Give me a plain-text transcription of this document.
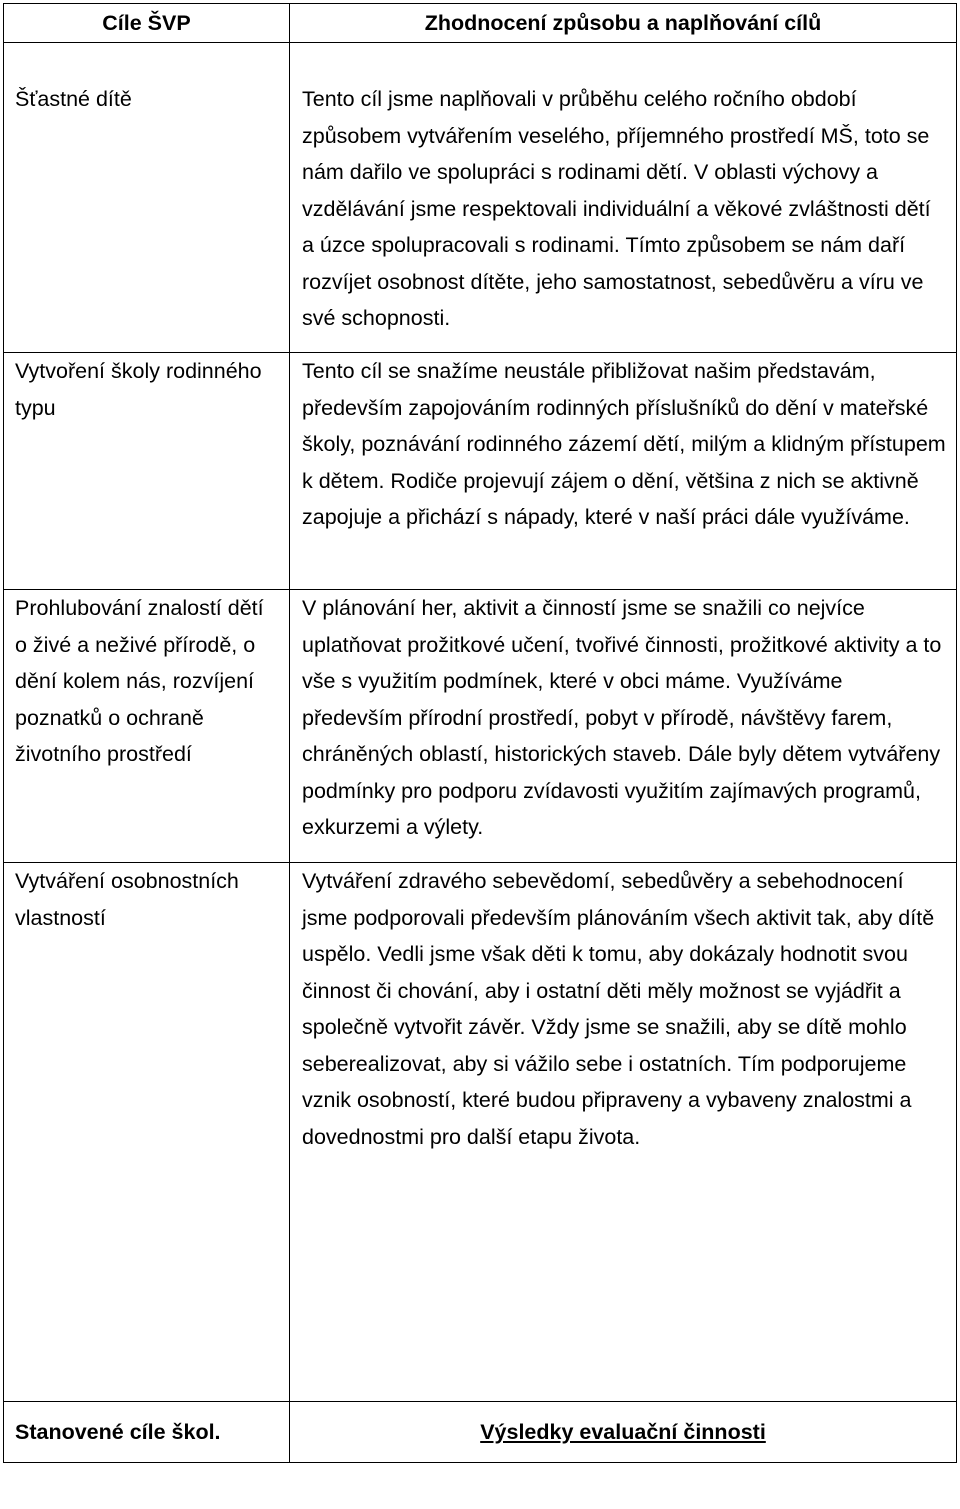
Cíle ŠVP	Zhodnocení způsobu a naplňování cílů

Šťastné dítě	Tento cíl jsme naplňovali v průběhu celého ročního období způsobem vytvářením veselého, příjemného prostředí MŠ, toto se nám dařilo ve spolupráci s rodinami dětí. V oblasti výchovy a vzdělávání jsme respektovali individuální a věkové zvláštnosti dětí a úzce spolupracovali s rodinami. Tímto způsobem se nám daří rozvíjet osobnost dítěte, jeho samostatnost, sebedůvěru a víru ve své schopnosti.

Vytvoření školy rodinného typu	Tento cíl se snažíme neustále přibližovat našim představám, především zapojováním rodinných příslušníků do dění v mateřské školy, poznávání rodinného zázemí dětí, milým a klidným přístupem k dětem. Rodiče projevují zájem o dění, většina z nich se aktivně zapojuje a přichází s nápady, které v naší práci dále využíváme.

Prohlubování znalostí dětí o živé a neživé přírodě, o dění kolem nás, rozvíjení poznatků o ochraně životního prostředí	V plánování her, aktivit a činností jsme se snažili co nejvíce uplatňovat prožitkové učení, tvořivé činnosti, prožitkové aktivity a to vše s využitím podmínek, které v obci máme. Využíváme především přírodní prostředí, pobyt v přírodě, návštěvy farem, chráněných oblastí, historických staveb. Dále byly dětem vytvářeny podmínky pro podporu zvídavosti využitím zajímavých programů, exkurzemi a výlety.

Vytváření osobnostních vlastností	Vytváření zdravého sebevědomí, sebedůvěry a sebehodnocení jsme podporovali především plánováním všech aktivit tak, aby dítě uspělo. Vedli jsme však děti k tomu, aby dokázaly hodnotit svou činnost či chování, aby i ostatní děti měly možnost se vyjádřit a společně vytvořit závěr. Vždy jsme se snažili, aby se dítě mohlo seberealizovat, aby si vážilo sebe i ostatních. Tím podporujeme vznik osobností, které budou připraveny a vybaveny znalostmi a dovednostmi pro další etapu života.

Stanovené cíle škol.	Výsledky evaluační činnosti
